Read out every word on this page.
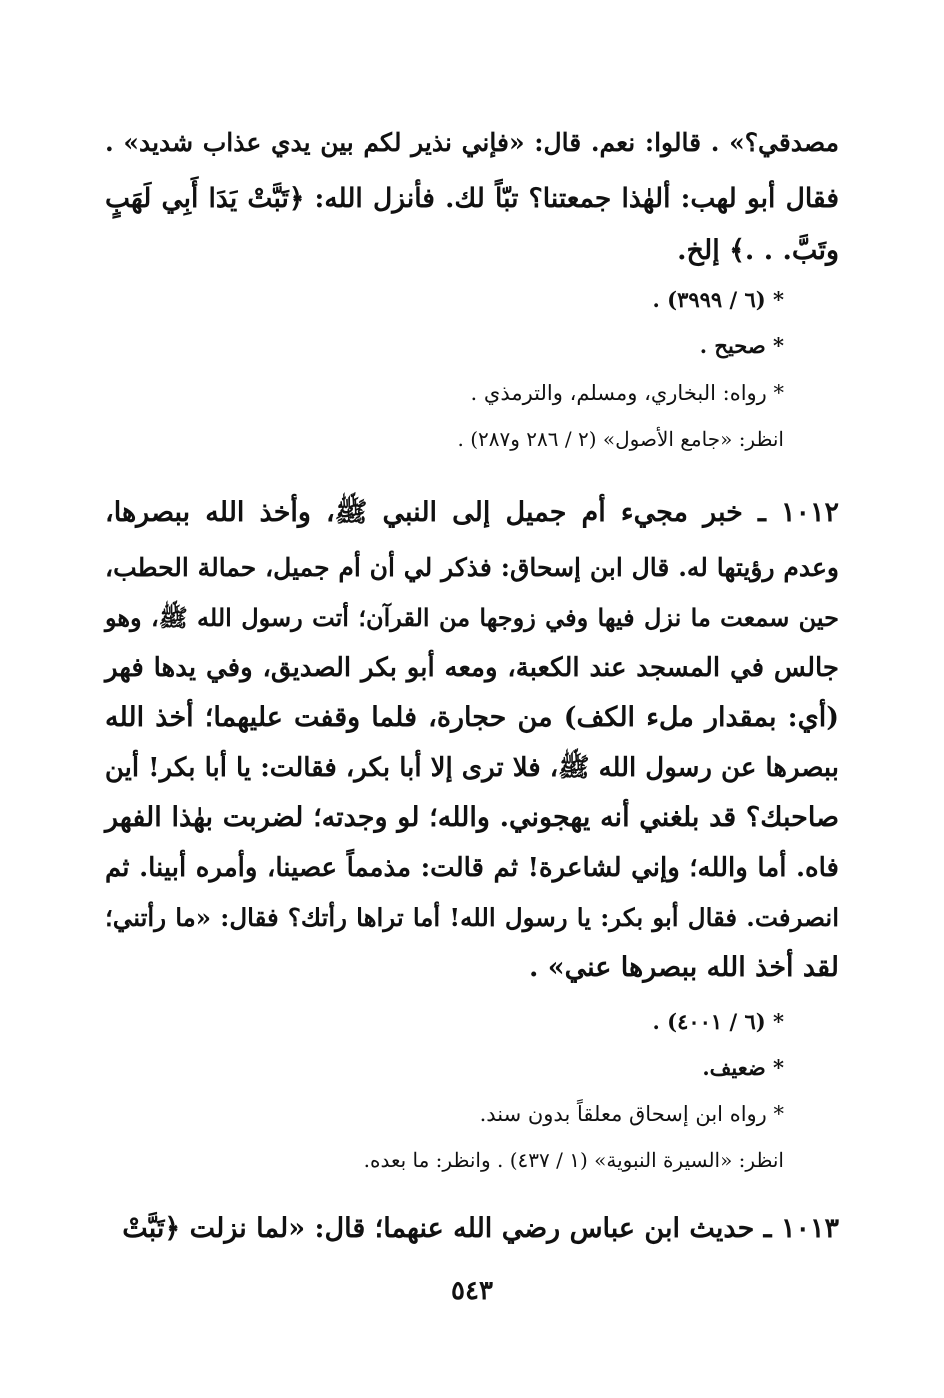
مصدقي؟» . قالوا: نعم. قال: «فإني نذير لكم بين يدي عذاب شديد» .
فقال أبو لهب: ألهٰذا جمعتنا؟ تبّاً لك. فأنزل الله: ﴿تَبَّتْ يَدَا أَبِي لَهَبٍ
وتَبَّ. . .﴾ إلخ.
* (٦ / ٣٩٩٩) .
* صحيح .
* رواه: البخاري، ومسلم، والترمذي .
انظر: «جامع الأصول» (٢ / ٢٨٦ و٢٨٧) .
١٠١٢ ـ خبر مجيء أم جميل إلى النبي ﷺ، وأخذ الله ببصرها،
وعدم رؤيتها له. قال ابن إسحاق: فذكر لي أن أم جميل، حمالة الحطب،
حين سمعت ما نزل فيها وفي زوجها من القرآن؛ أتت رسول الله ﷺ، وهو
جالس في المسجد عند الكعبة، ومعه أبو بكر الصديق، وفي يدها فهر
(أي: بمقدار ملء الكف) من حجارة، فلما وقفت عليهما؛ أخذ الله
ببصرها عن رسول الله ﷺ، فلا ترى إلا أبا بكر، فقالت: يا أبا بكر! أين
صاحبك؟ قد بلغني أنه يهجوني. والله؛ لو وجدته؛ لضربت بهٰذا الفهر
فاه. أما والله؛ وإني لشاعرة! ثم قالت: مذمماً عصينا، وأمره أبينا. ثم
انصرفت. فقال أبو بكر: يا رسول الله! أما تراها رأتك؟ فقال: «ما رأتني؛
لقد أخذ الله ببصرها عني» .
* (٦ / ٤٠٠١) .
* ضعيف.
* رواه ابن إسحاق معلقاً بدون سند.
انظر: «السيرة النبوية» (١ / ٤٣٧) . وانظر: ما بعده.
١٠١٣ ـ حديث ابن عباس رضي الله عنهما؛ قال: «لما نزلت ﴿تَبَّتْ
٥٤٣
